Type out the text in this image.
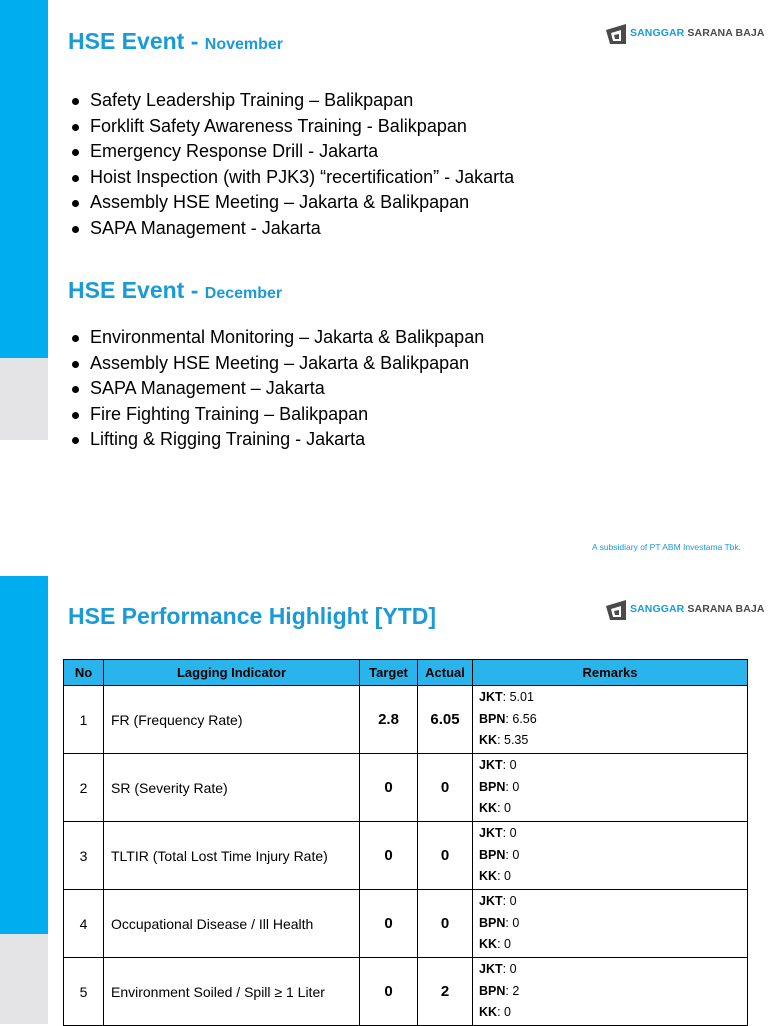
HSE Event - November
SANGGAR SARANA BAJA
Safety Leadership Training – Balikpapan
Forklift Safety Awareness Training - Balikpapan
Emergency Response Drill - Jakarta
Hoist Inspection (with PJK3) “recertification” - Jakarta
Assembly HSE Meeting – Jakarta & Balikpapan
SAPA Management - Jakarta
HSE Event - December
Environmental Monitoring – Jakarta & Balikpapan
Assembly HSE Meeting – Jakarta & Balikpapan
SAPA Management – Jakarta
Fire Fighting Training – Balikpapan
Lifting & Rigging Training - Jakarta
A subsidiary of PT ABM Investama Tbk.
HSE Performance Highlight [YTD]	SANGGAR SARANA BAJA
No	Lagging Indicator	Target	Actual	Remarks
1	FR (Frequency Rate)	2.8	6.05	JKT: 5.01
BPN: 6.56
KK: 5.35

2	SR (Severity Rate)	0	0	JKT: 0
BPN: 0
KK: 0

3	TLTIR (Total Lost Time Injury Rate)	0	0	JKT: 0
BPN: 0
KK: 0

4	Occupational Disease / Ill Health	0	0	JKT: 0
BPN: 0
KK: 0

5	Environment Soiled / Spill ≥ 1 Liter	0	2	JKT: 0
BPN: 2
KK: 0
